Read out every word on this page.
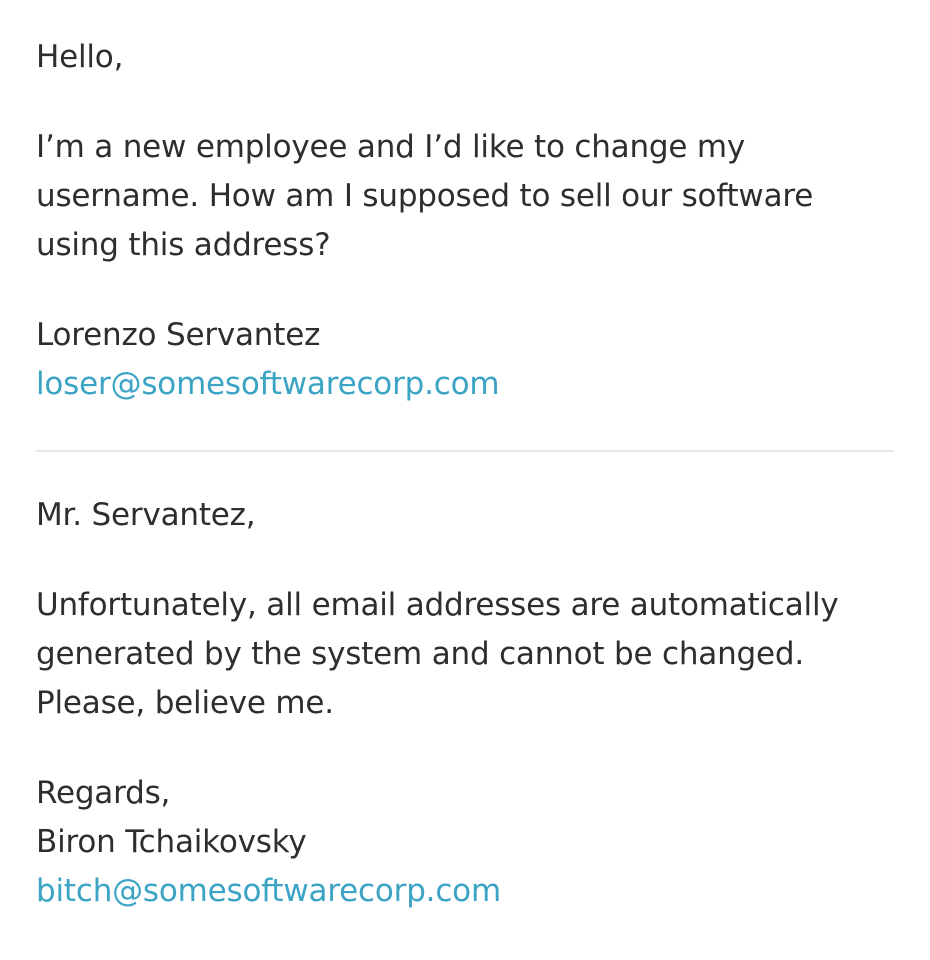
Hello,
I’m a new employee and I’d like to change my
username. How am I supposed to sell our software
using this address?
Lorenzo Servantez
loser@somesoftwarecorp.com
Mr. Servantez,
Unfortunately, all email addresses are automatically
generated by the system and cannot be changed.
Please, believe me.
Regards,
Biron Tchaikovsky
bitch@somesoftwarecorp.com
